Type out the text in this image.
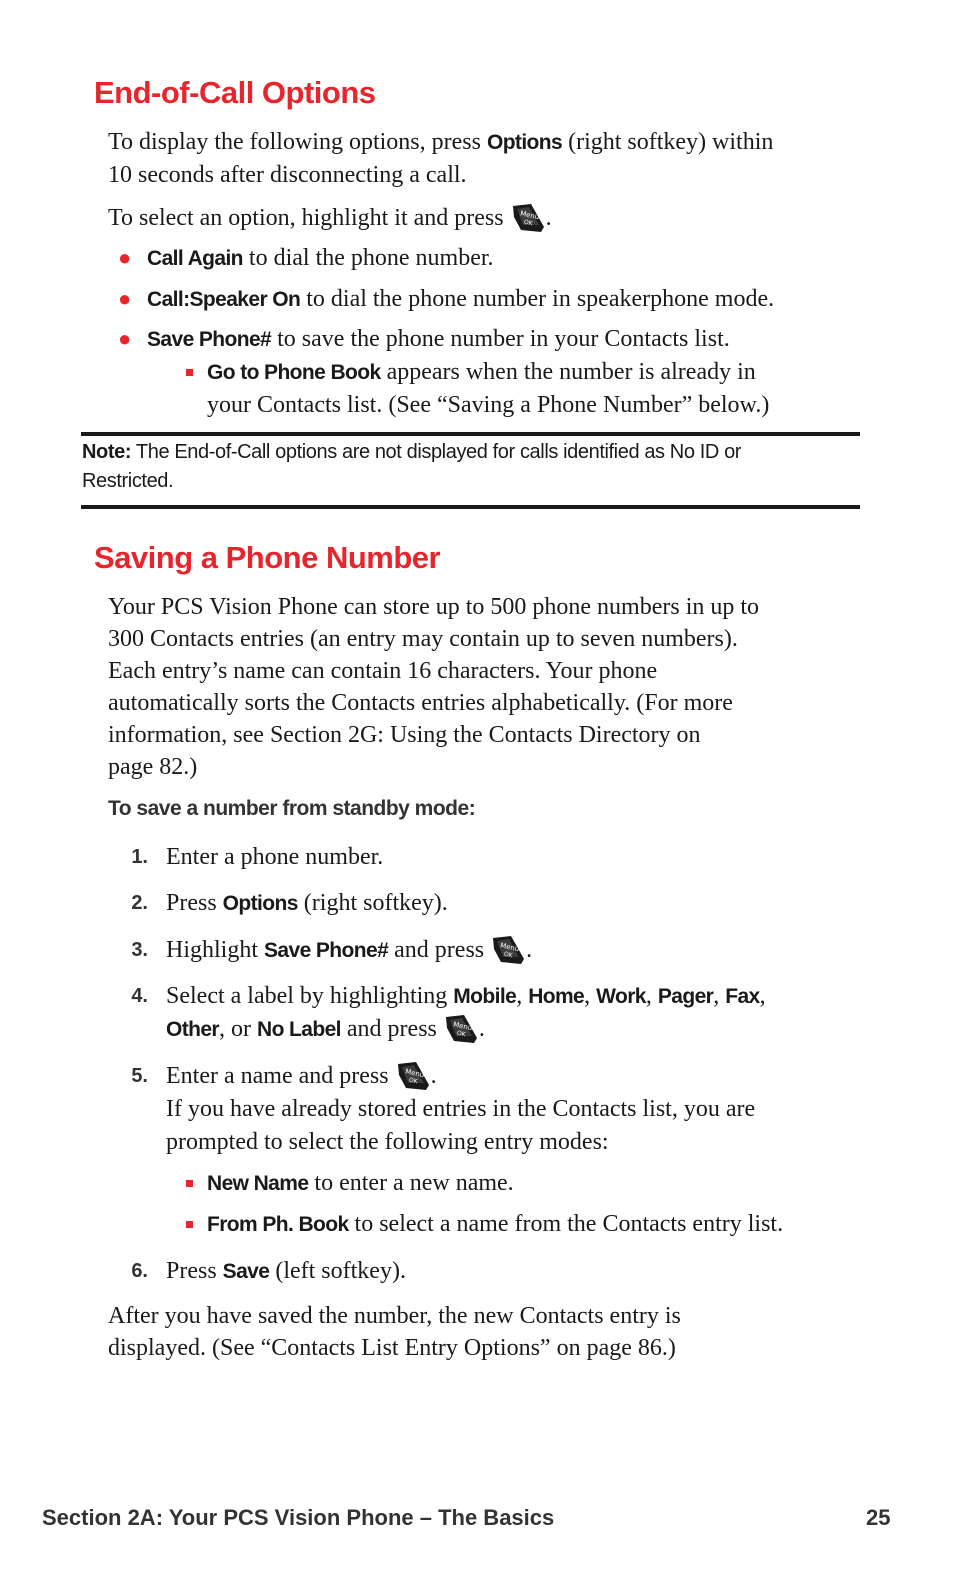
End-of-Call Options

To display the following options, press Options (right softkey) within
10 seconds after disconnecting a call.

To select an option, highlight it and press .

● Call Again to dial the phone number.

● Call:Speaker On to dial the phone number in speakerphone mode.

● Save Phone# to save the phone number in your Contacts list.

Go to Phone Book appears when the number is already in
your Contacts list. (See “Saving a Phone Number” below.)

Note: The End-of-Call options are not displayed for calls identified as No ID or
Restricted.

Saving a Phone Number

Your PCS Vision Phone can store up to 500 phone numbers in up to
300 Contacts entries (an entry may contain up to seven numbers).
Each entry’s name can contain 16 characters. Your phone
automatically sorts the Contacts entries alphabetically. (For more
information, see Section 2G: Using the Contacts Directory on
page 82.)

To save a number from standby mode:

1. Enter a phone number.

2. Press Options (right softkey).

3. Highlight Save Phone# and press .

4. Select a label by highlighting Mobile, Home, Work, Pager, Fax,

Other, or No Label and press .

5. Enter a name and press .
If you have already stored entries in the Contacts list, you are
prompted to select the following entry modes:

New Name to enter a new name.

From Ph. Book to select a name from the Contacts entry list.

6. Press Save (left softkey).

After you have saved the number, the new Contacts entry is
displayed. (See “Contacts List Entry Options” on page 86.)

Section 2A: Your PCS Vision Phone – The Basics	25
